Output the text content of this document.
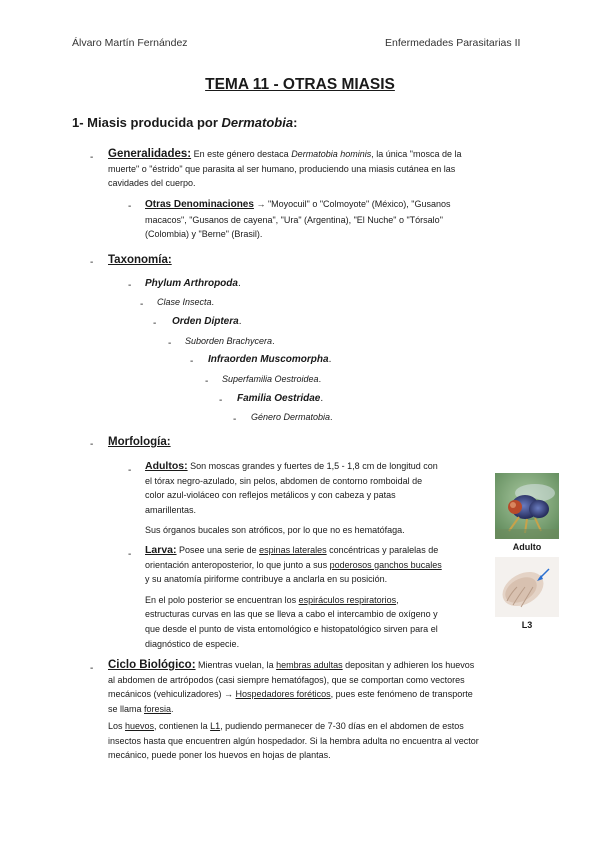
Álvaro Martín Fernández	Enfermedades Parasitarias II
TEMA 11 - OTRAS MIASIS
1- Miasis producida por Dermatobia:
- Generalidades: En este género destaca Dermatobia hominis, la única "mosca de la
muerte" o "éstrido" que parasita al ser humano, produciendo una miasis cutánea en las
cavidades del cuerpo.
- Otras Denominaciones → "Moyocuil" o "Colmoyote" (México), "Gusanos
macacos", "Gusanos de cayena", "Ura" (Argentina), "El Nuche" o "Tórsalo"
(Colombia) y "Berne" (Brasil).
- Taxonomía:
- Phylum Arthropoda.
- Clase Insecta.
- Orden Diptera.
- Suborden Brachycera.
- Infraorden Muscomorpha.
- Superfamilia Oestroidea.
- Familia Oestridae.
- Género Dermatobia.
- Morfología:
- Adultos: Son moscas grandes y fuertes de 1,5 - 1,8 cm de longitud con
el tórax negro-azulado, sin pelos, abdomen de contorno romboidal de
color azul-violáceo con reflejos metálicos y con cabeza y patas
amarillentas.
Sus órganos bucales son atróficos, por lo que no es hematófaga.
- Larva: Posee una serie de espinas laterales concéntricas y paralelas de
orientación anteroposterior, lo que junto a sus poderosos ganchos bucales
y su anatomía piriforme contribuye a anclarla en su posición.
En el polo posterior se encuentran los espiráculos respiratorios,
estructuras curvas en las que se lleva a cabo el intercambio de oxígeno y
que desde el punto de vista entomológico e histopatológico sirven para el
diagnóstico de especie.
Adulto
L3
- Ciclo Biológico: Mientras vuelan, la hembras adultas depositan y adhieren los huevos
al abdomen de artrópodos (casi siempre hematófagos), que se comportan como vectores
mecánicos (vehiculizadores) → Hospedadores foréticos, pues este fenómeno de transporte
se llama foresia.
Los huevos, contienen la L1, pudiendo permanecer de 7-30 días en el abdomen de estos
insectos hasta que encuentren algún hospedador. Si la hembra adulta no encuentra al vector
mecánico, puede poner los huevos en hojas de plantas.
